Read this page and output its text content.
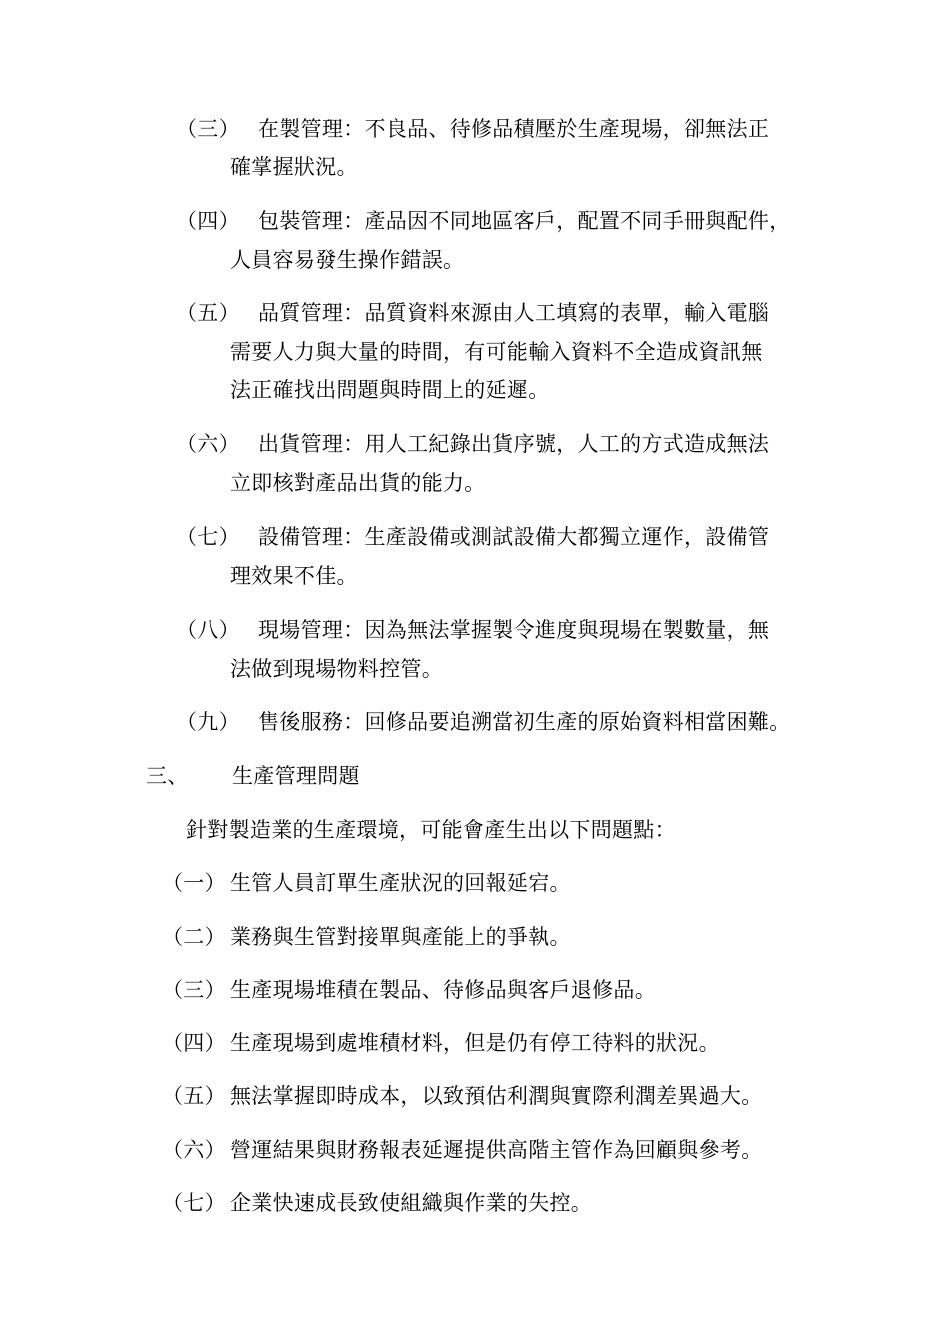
（三） 在製管理：不良品、待修品積壓於生產現場，卻無法正
確掌握狀況。
（四） 包裝管理：產品因不同地區客戶，配置不同手冊與配件，
人員容易發生操作錯誤。
（五） 品質管理：品質資料來源由人工填寫的表單，輸入電腦
需要人力與大量的時間，有可能輸入資料不全造成資訊無
法正確找出問題與時間上的延遲。
（六） 出貨管理：用人工紀錄出貨序號，人工的方式造成無法
立即核對產品出貨的能力。
（七） 設備管理：生產設備或測試設備大都獨立運作，設備管
理效果不佳。
（八） 現場管理：因為無法掌握製令進度與現場在製數量，無
法做到現場物料控管。
（九） 售後服務：回修品要追溯當初生產的原始資料相當困難。
三、 生產管理問題
針對製造業的生產環境，可能會產生出以下問題點：
（一） 生管人員訂單生產狀況的回報延宕。
（二） 業務與生管對接單與產能上的爭執。
（三） 生產現場堆積在製品、待修品與客戶退修品。
（四） 生產現場到處堆積材料，但是仍有停工待料的狀況。
（五） 無法掌握即時成本，以致預估利潤與實際利潤差異過大。
（六） 營運結果與財務報表延遲提供高階主管作為回顧與參考。
（七） 企業快速成長致使組織與作業的失控。
